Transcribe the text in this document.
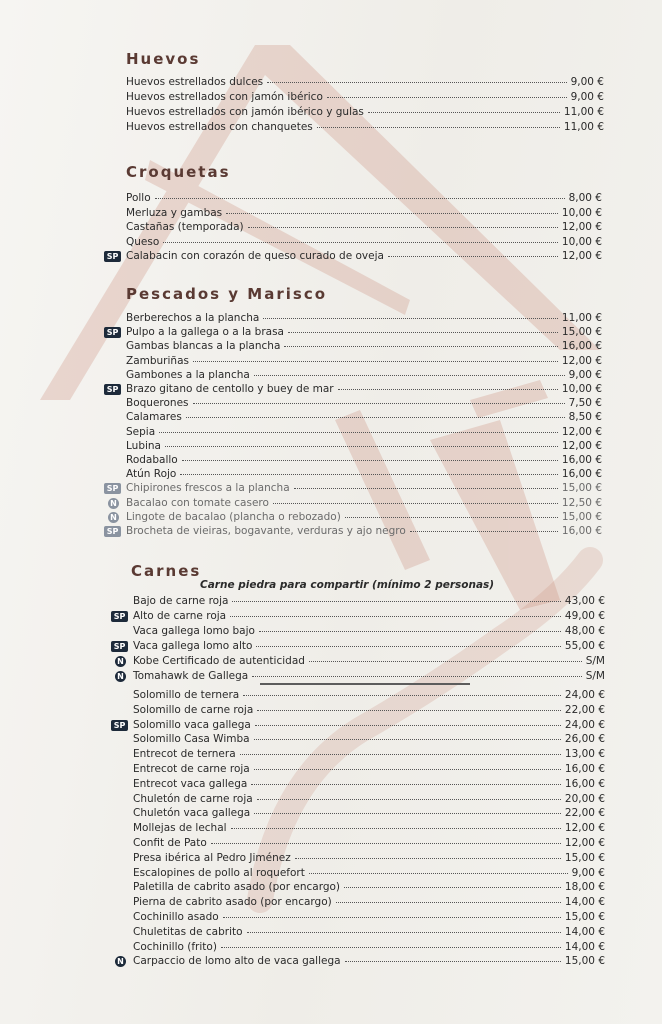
Huevos
Huevos estrellados dulces	9,00 €
Huevos estrellados con jamón ibérico	9,00 €
Huevos estrellados con jamón ibérico y gulas	11,00 €
Huevos estrellados con chanquetes	11,00 €
Croquetas
Pollo	8,00 €
Merluza y gambas	10,00 €
Castañas (temporada)	12,00 €
Queso	10,00 €
SP Calabacin con corazón de queso curado de oveja	12,00 €
Pescados y Marisco
Berberechos a la plancha	11,00 €
SP Pulpo a la gallega o a la brasa	15,00 €
Gambas blancas a la plancha	16,00 €
Zamburiñas	12,00 €
Gambones a la plancha	9,00 €
SP Brazo gitano de centollo y buey de mar	10,00 €
Boquerones	7,50 €
Calamares	8,50 €
Sepia	12,00 €
Lubina	12,00 €
Rodaballo	16,00 €
Atún Rojo	16,00 €
SP Chipirones frescos a la plancha	15,00 €
N Bacalao con tomate casero	12,50 €
N Lingote de bacalao (plancha o rebozado)	15,00 €
SP Brocheta de vieiras, bogavante, verduras y ajo negro	16,00 €
Carnes
Carne piedra para compartir (mínimo 2 personas)
Bajo de carne roja	43,00 €
SP Alto de carne roja	49,00 €
Vaca gallega lomo bajo	48,00 €
SP Vaca gallega lomo alto	55,00 €
N Kobe Certificado de autenticidad	S/M
N Tomahawk de Gallega	S/M
Solomillo de ternera	24,00 €
Solomillo de carne roja	22,00 €
SP Solomillo vaca gallega	24,00 €
Solomillo Casa Wimba	26,00 €
Entrecot de ternera	13,00 €
Entrecot de carne roja	16,00 €
Entrecot vaca gallega	16,00 €
Chuletón de carne roja	20,00 €
Chuletón vaca gallega	22,00 €
Mollejas de lechal	12,00 €
Confit de Pato	12,00 €
Presa ibérica al Pedro Jiménez	15,00 €
Escalopines de pollo al roquefort	9,00 €
Paletilla de cabrito asado (por encargo)	18,00 €
Pierna de cabrito asado (por encargo)	14,00 €
Cochinillo asado	15,00 €
Chuletitas de cabrito	14,00 €
Cochinillo (frito)	14,00 €
N Carpaccio de lomo alto de vaca gallega	15,00 €
